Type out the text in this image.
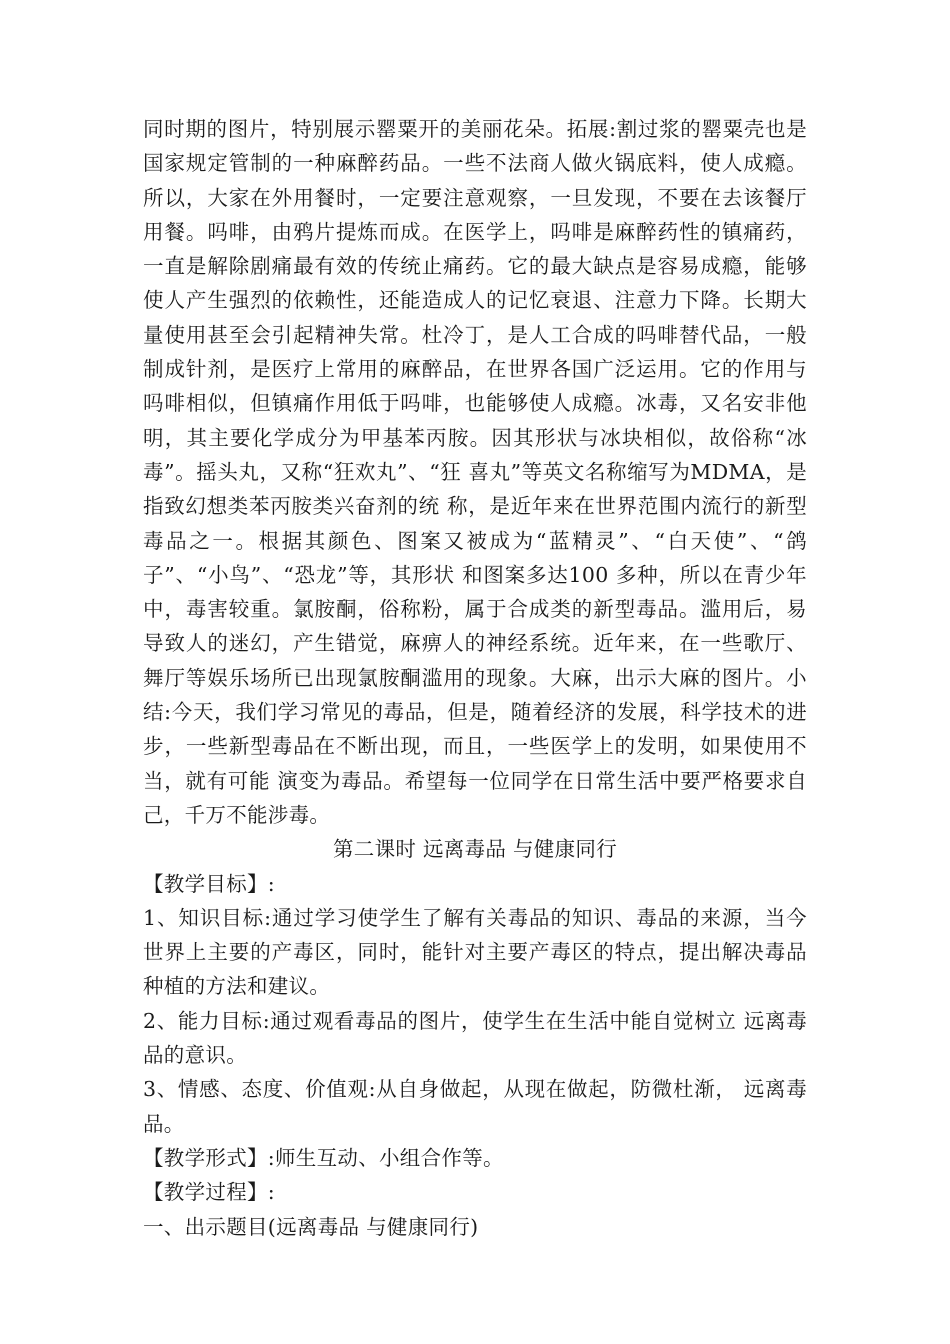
同时期的图片，特别展示罂粟开的美丽花朵。拓展:割过浆的罂粟壳也是国家规定管制的一种麻醉药品。一些不法商人做火锅底料，使人成瘾。所以，大家在外用餐时，一定要注意观察，一旦发现，不要在去该餐厅用餐。吗啡，由鸦片提炼而成。在医学上，吗啡是麻醉药性的镇痛药，一直是解除剧痛最有效的传统止痛药。它的最大缺点是容易成瘾，能够使人产生强烈的依赖性，还能造成人的记忆衰退、注意力下降。长期大量使用甚至会引起精神失常。杜冷丁，是人工合成的吗啡替代品，一般制成针剂，是医疗上常用的麻醉品，在世界各国广泛运用。它的作用与吗啡相似，但镇痛作用低于吗啡，也能够使人成瘾。冰毒，又名安非他明，其主要化学成分为甲基苯丙胺。因其形状与冰块相似，故俗称“冰毒”。摇头丸，又称“狂欢丸”、“狂 喜丸”等英文名称缩写为MDMA，是指致幻想类苯丙胺类兴奋剂的统 称，是近年来在世界范围内流行的新型毒品之一。根据其颜色、图案又被成为“蓝精灵”、“白天使”、“鸽子”、“小鸟”、“恐龙”等，其形状 和图案多达100 多种，所以在青少年中，毒害较重。氯胺酮，俗称粉，属于合成类的新型毒品。滥用后，易导致人的迷幻，产生错觉，麻痹人的神经系统。近年来，在一些歌厅、舞厅等娱乐场所已出现氯胺酮滥用的现象。大麻，出示大麻的图片。小结:今天，我们学习常见的毒品，但是，随着经济的发展，科学技术的进步，一些新型毒品在不断出现，而且，一些医学上的发明，如果使用不当，就有可能 演变为毒品。希望每一位同学在日常生活中要严格要求自己，千万不能涉毒。

第二课时 远离毒品 与健康同行

【教学目标】:

1、知识目标:通过学习使学生了解有关毒品的知识、毒品的来源，当今世界上主要的产毒区，同时，能针对主要产毒区的特点，提出解决毒品种植的方法和建议。

2、能力目标:通过观看毒品的图片，使学生在生活中能自觉树立 远离毒品的意识。

3、情感、态度、价值观:从自身做起，从现在做起，防微杜渐， 远离毒品。

【教学形式】:师生互动、小组合作等。

【教学过程】:

一、出示题目(远离毒品 与健康同行)
